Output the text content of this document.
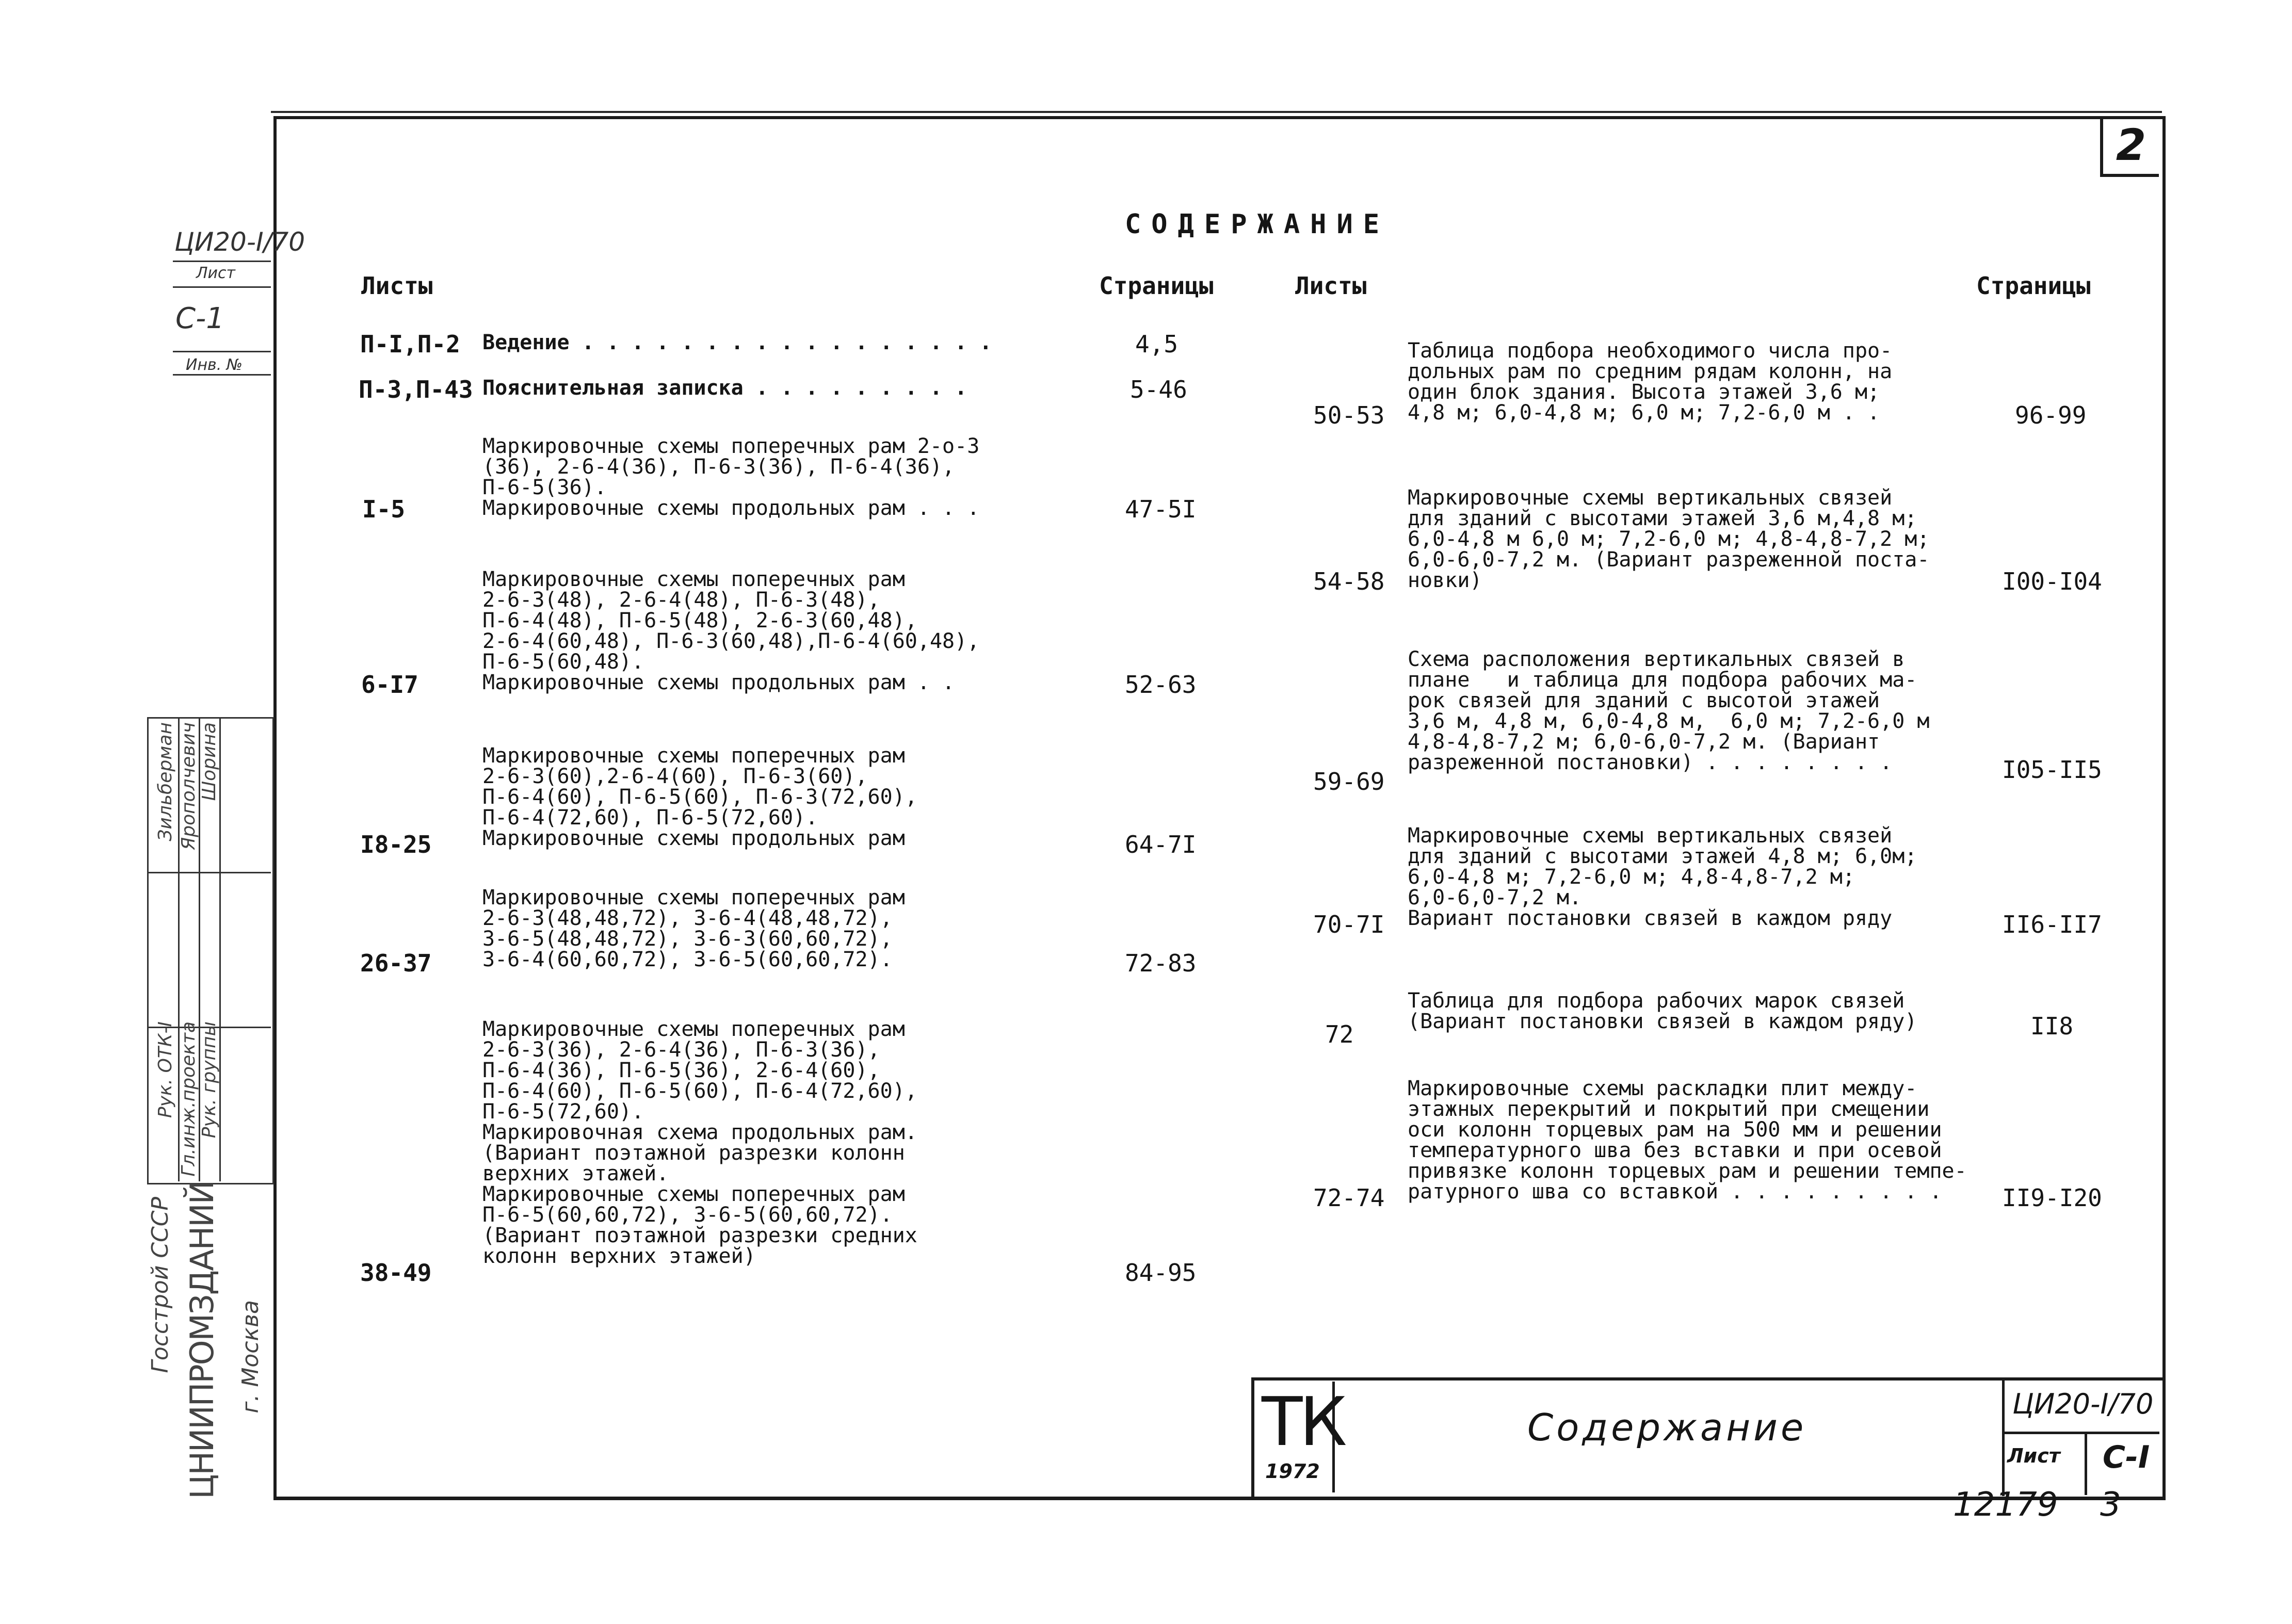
2
ЦИ20-I/70
Лист
С-1
Инв. №
Рук. ОТК-I Гл.инж.проекта Рук. группы
Зильберман Ярополчевич Шорина
Госстрой СССР ЦНИИПРОМЗДАНИЙ г. Москва
СОДЕРЖАНИЕ
Листы	Страницы	Листы	Страницы
П-I,П-2 Ведение . . . . . . . . . . . . . . . . .	4,5
П-3,П-43 Пояснительная записка . . . . . . . . .	5-46
I-5
Маркировочные схемы поперечных рам 2-о-3
(36), 2-6-4(36), П-6-3(36), П-6-4(36),
П-6-5(36).
Маркировочные схемы продольных рам . . .	47-5I
6-I7
Маркировочные схемы поперечных рам
2-6-3(48), 2-6-4(48), П-6-3(48),
П-6-4(48), П-6-5(48), 2-6-3(60,48),
2-6-4(60,48), П-6-3(60,48),П-6-4(60,48),
П-6-5(60,48).
Маркировочные схемы продольных рам . .	52-63
I8-25
Маркировочные схемы поперечных рам
2-6-3(60),2-6-4(60), П-6-3(60),
П-6-4(60), П-6-5(60), П-6-3(72,60),
П-6-4(72,60), П-6-5(72,60).
Маркировочные схемы продольных рам	64-7I
26-37
Маркировочные схемы поперечных рам
2-6-3(48,48,72), 3-6-4(48,48,72),
3-6-5(48,48,72), 3-6-3(60,60,72),
3-6-4(60,60,72), 3-6-5(60,60,72).	72-83
38-49
Маркировочные схемы поперечных рам
2-6-3(36), 2-6-4(36), П-6-3(36),
П-6-4(36), П-6-5(36), 2-6-4(60),
П-6-4(60), П-6-5(60), П-6-4(72,60),
П-6-5(72,60).
Маркировочная схема продольных рам.
(Вариант поэтажной разрезки колонн
верхних этажей.
Маркировочные схемы поперечных рам
П-6-5(60,60,72), 3-6-5(60,60,72).
(Вариант поэтажной разрезки средних
колонн верхних этажей)
84-95
50-53
Таблица подбора необходимого числа про-
дольных рам по средним рядам колонн, на
один блок здания. Высота этажей 3,6 м;
4,8 м; 6,0-4,8 м; 6,0 м; 7,2-6,0 м . .	96-99
54-58
Маркировочные схемы вертикальных связей
для зданий с высотами этажей 3,6 м,4,8 м;
6,0-4,8 м 6,0 м; 7,2-6,0 м; 4,8-4,8-7,2 м;
6,0-6,0-7,2 м. (Вариант разреженной поста-
новки)	I00-I04
59-69
Схема расположения вертикальных связей в
плане   и таблица для подбора рабочих ма-
рок связей для зданий с высотой этажей
3,6 м, 4,8 м, 6,0-4,8 м,  6,0 м; 7,2-6,0 м
4,8-4,8-7,2 м; 6,0-6,0-7,2 м. (Вариант
разреженной постановки) . . . . . . . .	I05-II5
70-7I
Маркировочные схемы вертикальных связей
для зданий с высотами этажей 4,8 м; 6,0м;
6,0-4,8 м; 7,2-6,0 м; 4,8-4,8-7,2 м;
6,0-6,0-7,2 м.
Вариант постановки связей в каждом ряду	II6-II7
72
Таблица для подбора рабочих марок связей
(Вариант постановки связей в каждом ряду)	II8
72-74
Маркировочные схемы раскладки плит между-
этажных перекрытий и покрытий при смещении
оси колонн торцевых рам на 500 мм и решении
температурного шва без вставки и при осевой
привязке колонн торцевых рам и решении темпе-
ратурного шва со вставкой . . . . . . . . .	II9-I20
ТК
1972
Содержание
ЦИ20-I/70
Лист С-I
12179 3
